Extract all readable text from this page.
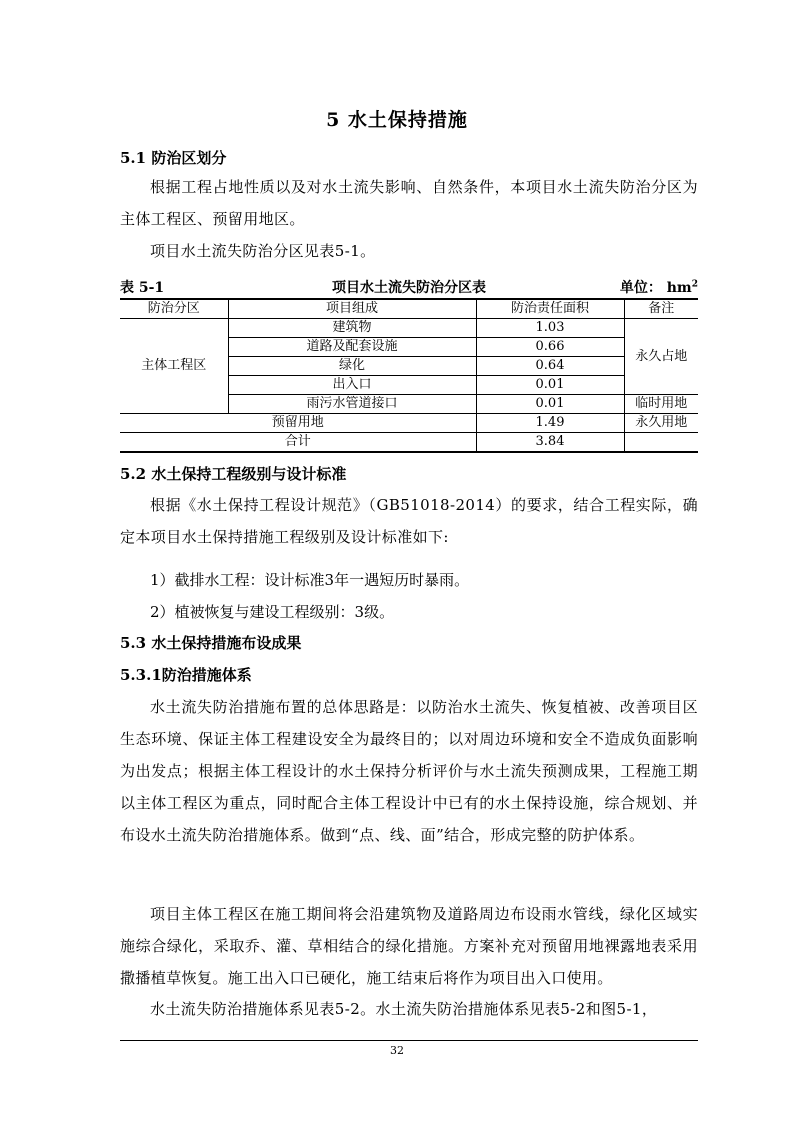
5 水土保持措施
5.1 防治区划分
根据工程占地性质以及对水土流失影响、自然条件，本项目水土流失防治分区为主体工程区、预留用地区。
项目水土流失防治分区见表5-1。
项目水土流失防治分区表
表 5-1	单位： $hm^2$
防治分区	项目组成	防治责任面积	备注
主体工程区	建筑物	1.03	永久占地
	道路及配套设施	0.66	
	绿化	0.64	
	出入口	0.01	
	雨污水管道接口	0.01	临时用地
预留用地		1.49	永久用地
合计		3.84	
5.2 水土保持工程级别与设计标准
根据《水土保持工程设计规范》（GB51018-2014）的要求，结合工程实际，确定本项目水土保持措施工程级别及设计标准如下:
1）截排水工程：设计标准3年一遇短历时暴雨。
2）植被恢复与建设工程级别：3级。
5.3 水土保持措施布设成果
5.3.1防治措施体系
水土流失防治措施布置的总体思路是：以防治水土流失、恢复植被、改善项目区生态环境、保证主体工程建设安全为最终目的；以对周边环境和安全不造成负面影响为出发点；根据主体工程设计的水土保持分析评价与水土流失预测成果，工程施工期以主体工程区为重点，同时配合主体工程设计中已有的水土保持设施，综合规划、并布设水土流失防治措施体系。做到“点、线、面”结合，形成完整的防护体系。
项目主体工程区在施工期间将会沿建筑物及道路周边布设雨水管线，绿化区域实施综合绿化，采取乔、灌、草相结合的绿化措施。方案补充对预留用地裸露地表采用撒播植草恢复。施工出入口已硬化，施工结束后将作为项目出入口使用。
水土流失防治措施体系见表5-2。水土流失防治措施体系见表5-2和图5-1，
32
